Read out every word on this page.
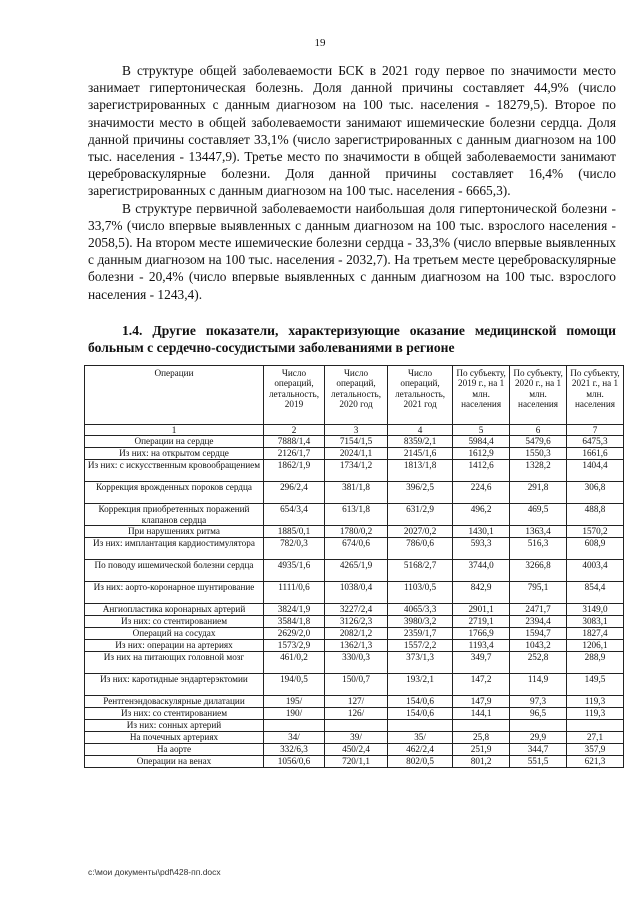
19

В структуре общей заболеваемости БСК в 2021 году первое по значимости место занимает гипертоническая болезнь. Доля данной причины составляет 44,9% (число зарегистрированных с данным диагнозом на 100 тыс. населения - 18279,5). Второе по значимости место в общей заболеваемости занимают ишемические болезни сердца. Доля данной причины составляет 33,1% (число зарегистрированных с данным диагнозом на 100 тыс. населения - 13447,9). Третье место по значимости в общей заболеваемости занимают цереброваскулярные болезни. Доля данной причины составляет 16,4% (число зарегистрированных с данным диагнозом на 100 тыс. населения - 6665,3).

В структуре первичной заболеваемости наибольшая доля гипертонической болезни - 33,7% (число впервые выявленных с данным диагнозом на 100 тыс. взрослого населения - 2058,5). На втором месте ишемические болезни сердца - 33,3% (число впервые выявленных с данным диагнозом на 100 тыс. населения - 2032,7). На третьем месте цереброваскулярные болезни - 20,4% (число впервые выявленных с данным диагнозом на 100 тыс. взрослого населения - 1243,4).

1.4. Другие показатели, характеризующие оказание медицинской помощи больным с сердечно-сосудистыми заболеваниями в регионе
Операции	Число операций, летальность, 2019	Число операций, летальность, 2020 год	Число операций, летальность, 2021 год	По субъекту, 2019 г., на 1 млн. населения	По субъекту, 2020 г., на 1 млн. населения	По субъекту, 2021 г., на 1 млн. населения
1	2	3	4	5	6	7
Операции на сердце	7888/1,4	7154/1,5	8359/2,1	5984,4	5479,6	6475,3
Из них: на открытом сердце	2126/1,7	2024/1,1	2145/1,6	1612,9	1550,3	1661,6
Из них: с искусственным кровообращением	1862/1,9	1734/1,2	1813/1,8	1412,6	1328,2	1404,4
Коррекция врожденных пороков сердца	296/2,4	381/1,8	396/2,5	224,6	291,8	306,8
Коррекция приобретенных поражений клапанов сердца	654/3,4	613/1,8	631/2,9	496,2	469,5	488,8
При нарушениях ритма	1885/0,1	1780/0,2	2027/0,2	1430,1	1363,4	1570,2
Из них: имплантация кардиостимулятора	782/0,3	674/0,6	786/0,6	593,3	516,3	608,9
По поводу ишемической болезни сердца	4935/1,6	4265/1,9	5168/2,7	3744,0	3266,8	4003,4
Из них: аорто-коронарное шунтирование	1111/0,6	1038/0,4	1103/0,5	842,9	795,1	854,4
Ангиопластика коронарных артерий	3824/1,9	3227/2,4	4065/3,3	2901,1	2471,7	3149,0
Из них: со стентированием	3584/1,8	3126/2,3	3980/3,2	2719,1	2394,4	3083,1
Операций на сосудах	2629/2,0	2082/1,2	2359/1,7	1766,9	1594,7	1827,4
Из них: операции на артериях	1573/2,9	1362/1,3	1557/2,2	1193,4	1043,2	1206,1
Из них на питающих головной мозг	461/0,2	330/0,3	373/1,3	349,7	252,8	288,9
Из них: каротидные эндартерэктомии	194/0,5	150/0,7	193/2,1	147,2	114,9	149,5
Рентгенэндоваскулярные дилатации	195/	127/	154/0,6	147,9	97,3	119,3
Из них: со стентированием	190/	126/	154/0,6	144,1	96,5	119,3
Из них: сонных артерий						
На почечных артериях	34/	39/	35/	25,8	29,9	27,1
На аорте	332/6,3	450/2,4	462/2,4	251,9	344,7	357,9
Операции на венах	1056/0,6	720/1,1	802/0,5	801,2	551,5	621,3
c:\мои документы\pdf\428-пп.docx
